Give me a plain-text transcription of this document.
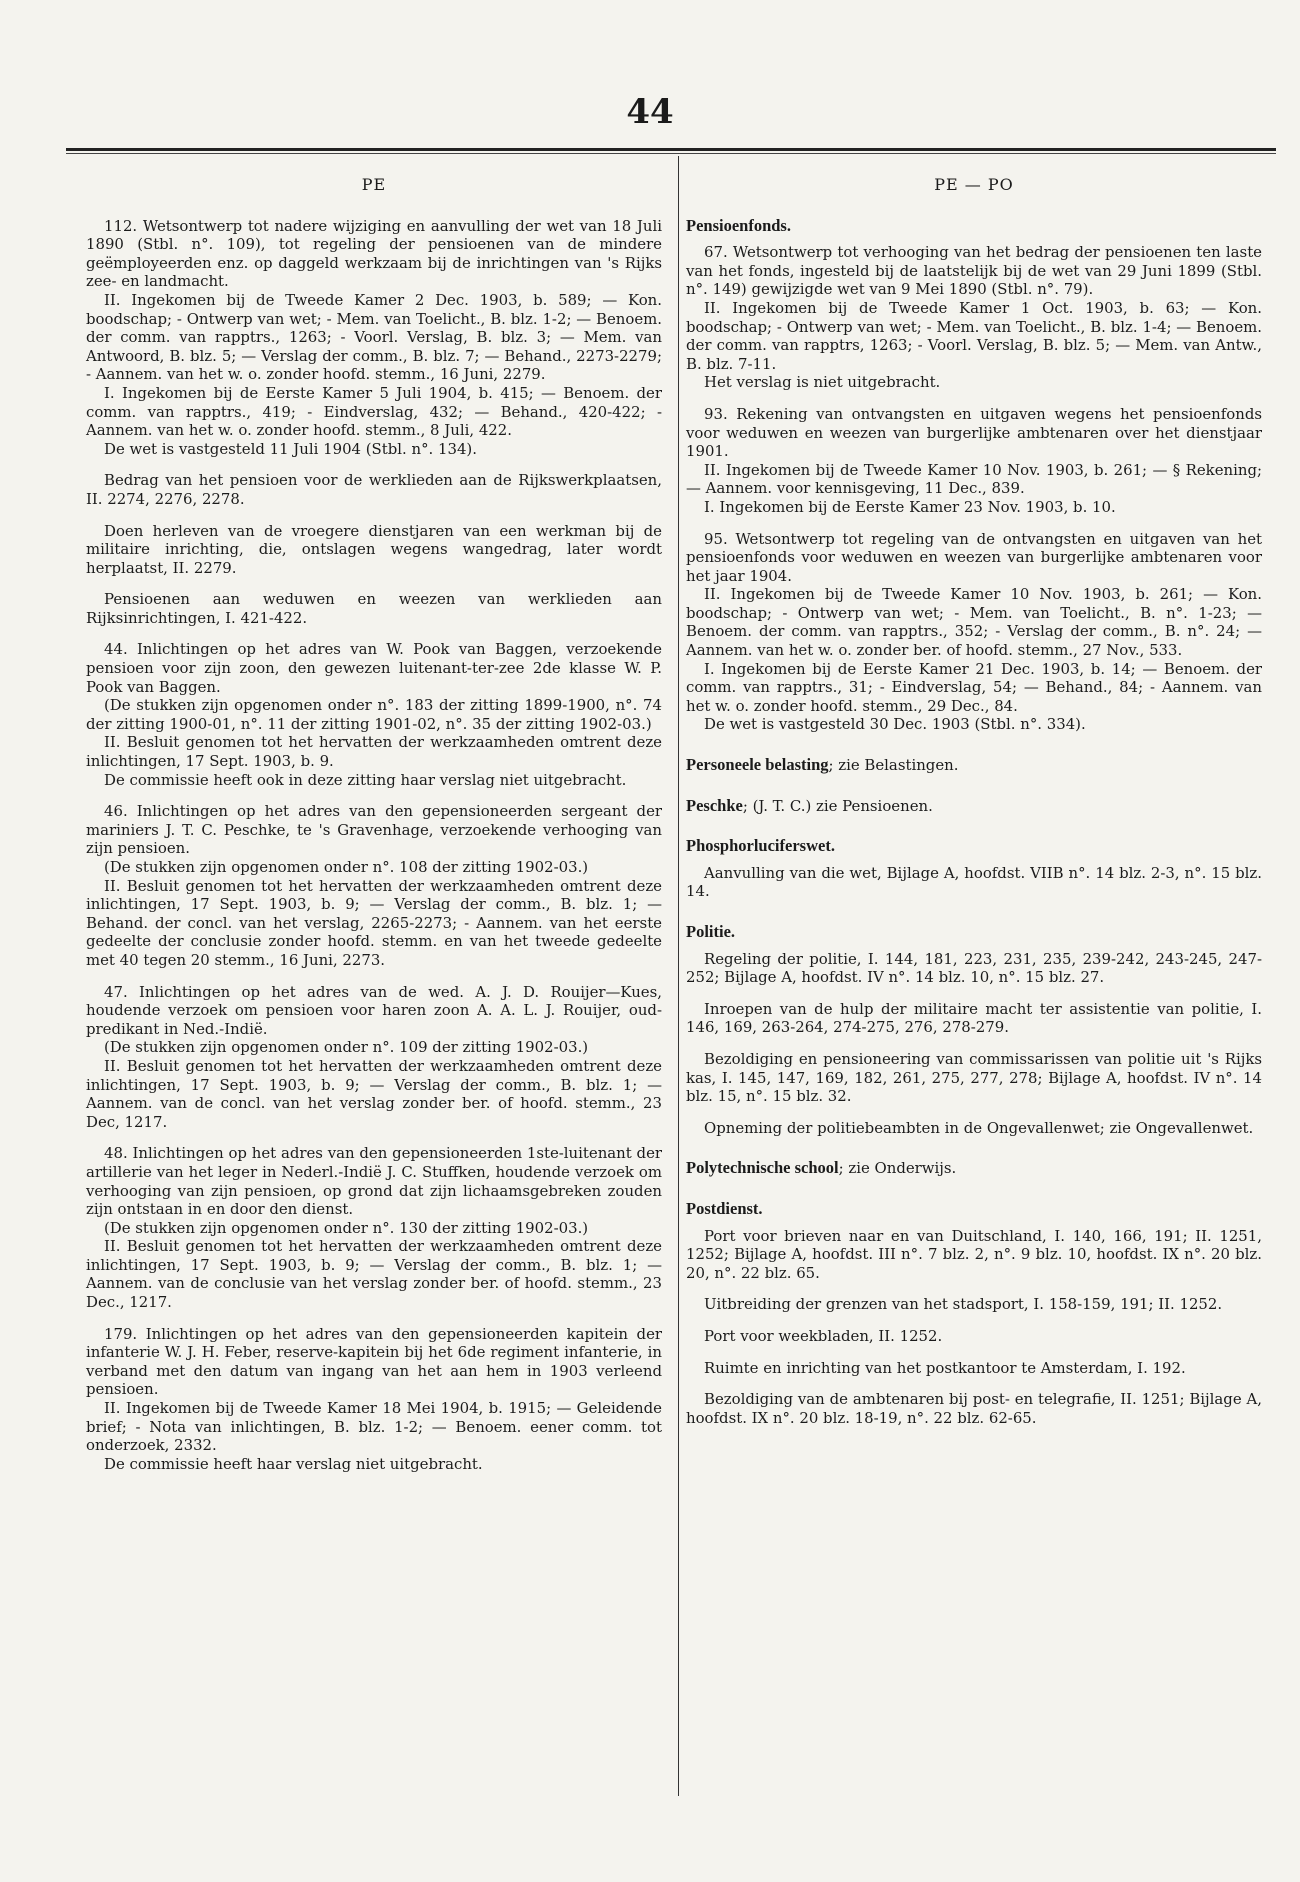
44
PE

112. Wetsontwerp tot nadere wijziging en aanvulling der wet van 18 Juli 1890 (Stbl. n°. 109), tot regeling der pensioenen van de mindere geëmployeerden enz. op daggeld werkzaam bij de inrichtingen van 's Rijks zee- en landmacht.

II. Ingekomen bij de Tweede Kamer 2 Dec. 1903, b. 589; — Kon. boodschap; - Ontwerp van wet; - Mem. van Toelicht., B. blz. 1-2; — Benoem. der comm. van rapptrs., 1263; - Voorl. Verslag, B. blz. 3; — Mem. van Antwoord, B. blz. 5; — Verslag der comm., B. blz. 7; — Behand., 2273-2279; - Aannem. van het w. o. zonder hoofd. stemm., 16 Juni, 2279.

I. Ingekomen bij de Eerste Kamer 5 Juli 1904, b. 415; — Benoem. der comm. van rapptrs., 419; - Eindverslag, 432; — Behand., 420-422; - Aannem. van het w. o. zonder hoofd. stemm., 8 Juli, 422.

De wet is vastgesteld 11 Juli 1904 (Stbl. n°. 134).

Bedrag van het pensioen voor de werklieden aan de Rijkswerkplaatsen, II. 2274, 2276, 2278.

Doen herleven van de vroegere dienstjaren van een werkman bij de militaire inrichting, die, ontslagen wegens wangedrag, later wordt herplaatst, II. 2279.

Pensioenen aan weduwen en weezen van werklieden aan Rijksinrichtingen, I. 421-422.

44. Inlichtingen op het adres van W. Pook van Baggen, verzoekende pensioen voor zijn zoon, den gewezen luitenant-ter-zee 2de klasse W. P. Pook van Baggen.

(De stukken zijn opgenomen onder n°. 183 der zitting 1899-1900, n°. 74 der zitting 1900-01, n°. 11 der zitting 1901-02, n°. 35 der zitting 1902-03.)

II. Besluit genomen tot het hervatten der werkzaamheden omtrent deze inlichtingen, 17 Sept. 1903, b. 9.

De commissie heeft ook in deze zitting haar verslag niet uitgebracht.

46. Inlichtingen op het adres van den gepensioneerden sergeant der mariniers J. T. C. Peschke, te 's Gravenhage, verzoekende verhooging van zijn pensioen.

(De stukken zijn opgenomen onder n°. 108 der zitting 1902-03.)

II. Besluit genomen tot het hervatten der werkzaamheden omtrent deze inlichtingen, 17 Sept. 1903, b. 9; — Verslag der comm., B. blz. 1; — Behand. der concl. van het verslag, 2265-2273; - Aannem. van het eerste gedeelte der conclusie zonder hoofd. stemm. en van het tweede gedeelte met 40 tegen 20 stemm., 16 Juni, 2273.

47. Inlichtingen op het adres van de wed. A. J. D. Rouijer—Kues, houdende verzoek om pensioen voor haren zoon A. A. L. J. Rouijer, oud-predikant in Ned.-Indië.

(De stukken zijn opgenomen onder n°. 109 der zitting 1902-03.)

II. Besluit genomen tot het hervatten der werkzaamheden omtrent deze inlichtingen, 17 Sept. 1903, b. 9; — Verslag der comm., B. blz. 1; — Aannem. van de concl. van het verslag zonder ber. of hoofd. stemm., 23 Dec, 1217.

48. Inlichtingen op het adres van den gepensioneerden 1ste-luitenant der artillerie van het leger in Nederl.-Indië J. C. Stuffken, houdende verzoek om verhooging van zijn pensioen, op grond dat zijn lichaamsgebreken zouden zijn ontstaan in en door den dienst.

(De stukken zijn opgenomen onder n°. 130 der zitting 1902-03.)

II. Besluit genomen tot het hervatten der werkzaamheden omtrent deze inlichtingen, 17 Sept. 1903, b. 9; — Verslag der comm., B. blz. 1; — Aannem. van de conclusie van het verslag zonder ber. of hoofd. stemm., 23 Dec., 1217.

179. Inlichtingen op het adres van den gepensioneerden kapitein der infanterie W. J. H. Feber, reserve-kapitein bij het 6de regiment infanterie, in verband met den datum van ingang van het aan hem in 1903 verleend pensioen.

II. Ingekomen bij de Tweede Kamer 18 Mei 1904, b. 1915; — Geleidende brief; - Nota van inlichtingen, B. blz. 1-2; — Benoem. eener comm. tot onderzoek, 2332.

De commissie heeft haar verslag niet uitgebracht.

PE — PO
Pensioenfonds.

67. Wetsontwerp tot verhooging van het bedrag der pensioenen ten laste van het fonds, ingesteld bij de laatstelijk bij de wet van 29 Juni 1899 (Stbl. n°. 149) gewijzigde wet van 9 Mei 1890 (Stbl. n°. 79).

II. Ingekomen bij de Tweede Kamer 1 Oct. 1903, b. 63; — Kon. boodschap; - Ontwerp van wet; - Mem. van Toelicht., B. blz. 1-4; — Benoem. der comm. van rapptrs, 1263; - Voorl. Verslag, B. blz. 5; — Mem. van Antw., B. blz. 7-11.

Het verslag is niet uitgebracht.

93. Rekening van ontvangsten en uitgaven wegens het pensioenfonds voor weduwen en weezen van burgerlijke ambtenaren over het dienstjaar 1901.

II. Ingekomen bij de Tweede Kamer 10 Nov. 1903, b. 261; — § Rekening; — Aannem. voor kennisgeving, 11 Dec., 839.

I. Ingekomen bij de Eerste Kamer 23 Nov. 1903, b. 10.

95. Wetsontwerp tot regeling van de ontvangsten en uitgaven van het pensioenfonds voor weduwen en weezen van burgerlijke ambtenaren voor het jaar 1904.

II. Ingekomen bij de Tweede Kamer 10 Nov. 1903, b. 261; — Kon. boodschap; - Ontwerp van wet; - Mem. van Toelicht., B. n°. 1-23; — Benoem. der comm. van rapptrs., 352; - Verslag der comm., B. n°. 24; — Aannem. van het w. o. zonder ber. of hoofd. stemm., 27 Nov., 533.

I. Ingekomen bij de Eerste Kamer 21 Dec. 1903, b. 14; — Benoem. der comm. van rapptrs., 31; - Eindverslag, 54; — Behand., 84; - Aannem. van het w. o. zonder hoofd. stemm., 29 Dec., 84.

De wet is vastgesteld 30 Dec. 1903 (Stbl. n°. 334).

Personeele belasting; zie Belastingen.
Peschke; (J. T. C.) zie Pensioenen.
Phosphorluciferswet.

Aanvulling van die wet, Bijlage A, hoofdst. VIIB n°. 14 blz. 2-3, n°. 15 blz. 14.

Politie.

Regeling der politie, I. 144, 181, 223, 231, 235, 239-242, 243-245, 247-252; Bijlage A, hoofdst. IV n°. 14 blz. 10, n°. 15 blz. 27.

Inroepen van de hulp der militaire macht ter assistentie van politie, I. 146, 169, 263-264, 274-275, 276, 278-279.

Bezoldiging en pensioneering van commissarissen van politie uit 's Rijks kas, I. 145, 147, 169, 182, 261, 275, 277, 278; Bijlage A, hoofdst. IV n°. 14 blz. 15, n°. 15 blz. 32.

Opneming der politiebeambten in de Ongevallenwet; zie Ongevallenwet.

Polytechnische school; zie Onderwijs.
Postdienst.

Port voor brieven naar en van Duitschland, I. 140, 166, 191; II. 1251, 1252; Bijlage A, hoofdst. III n°. 7 blz. 2, n°. 9 blz. 10, hoofdst. IX n°. 20 blz. 20, n°. 22 blz. 65.

Uitbreiding der grenzen van het stadsport, I. 158-159, 191; II. 1252.

Port voor weekbladen, II. 1252.

Ruimte en inrichting van het postkantoor te Amsterdam, I. 192.

Bezoldiging van de ambtenaren bij post- en telegrafie, II. 1251; Bijlage A, hoofdst. IX n°. 20 blz. 18-19, n°. 22 blz. 62-65.
